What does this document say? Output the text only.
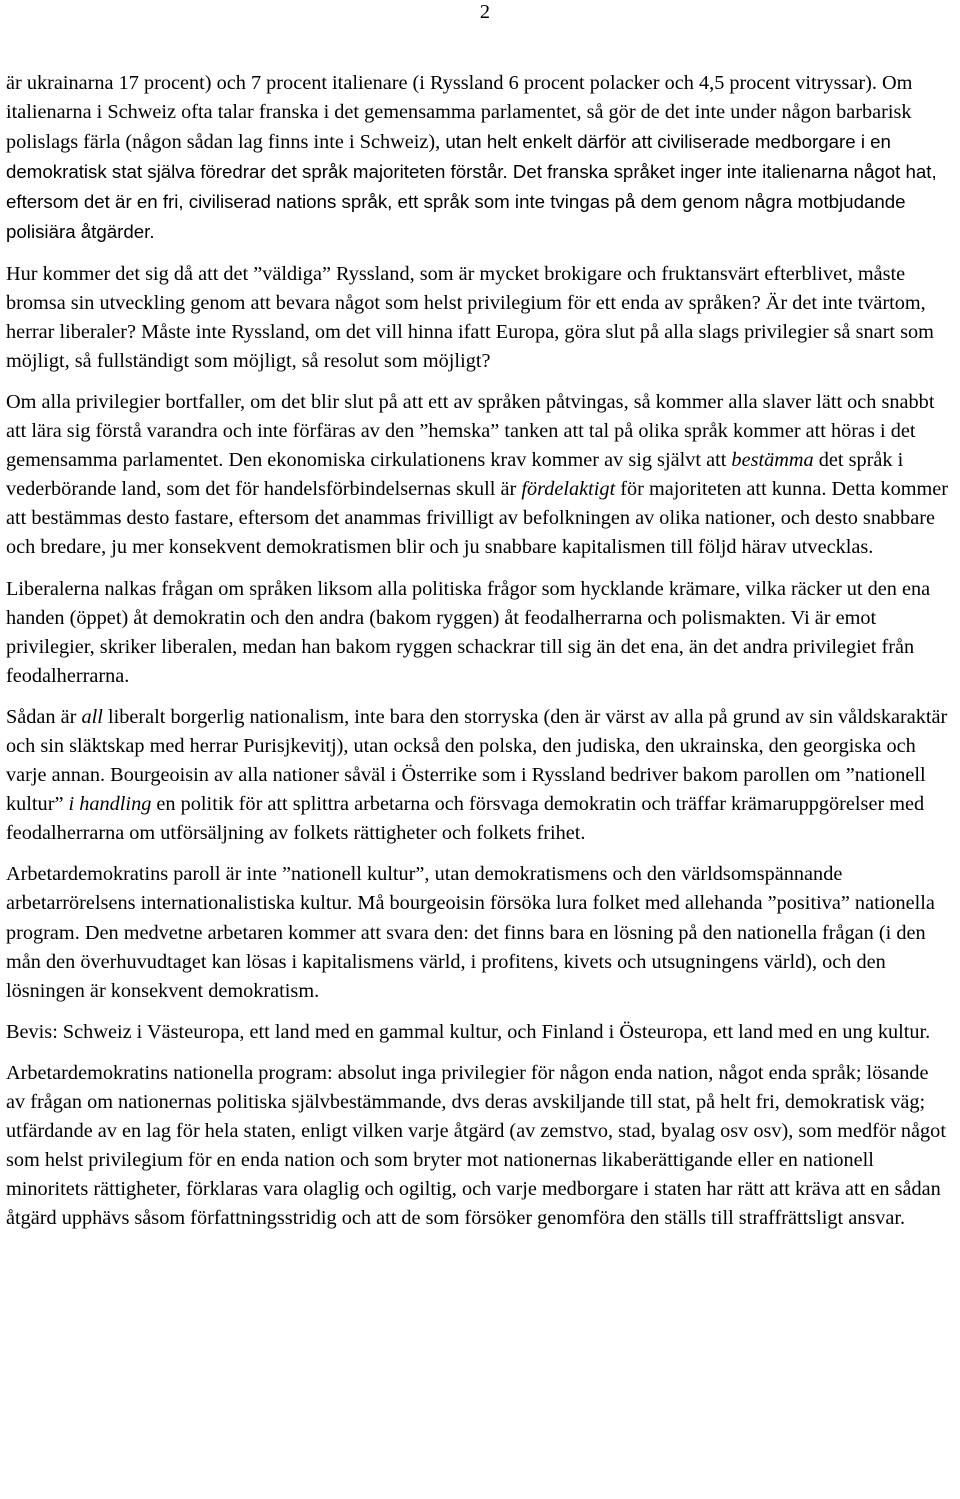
2

är ukrainarna 17 procent) och 7 procent italienare (i Ryssland 6 procent polacker och 4,5 procent vitryssar). Om italienarna i Schweiz ofta talar franska i det gemensamma parlamentet, så gör de det inte under någon barbarisk polislags färla (någon sådan lag finns inte i Schweiz), utan helt enkelt därför att civiliserade medborgare i en demokratisk stat själva föredrar det språk majoriteten förstår. Det franska språket inger inte italienarna något hat, eftersom det är en fri, civiliserad nations språk, ett språk som inte tvingas på dem genom några motbjudande polisiära åtgärder.

Hur kommer det sig då att det ”väldiga” Ryssland, som är mycket brokigare och fruktansvärt efterblivet, måste bromsa sin utveckling genom att bevara något som helst privilegium för ett enda av språken? Är det inte tvärtom, herrar liberaler? Måste inte Ryssland, om det vill hinna ifatt Europa, göra slut på alla slags privilegier så snart som möjligt, så fullständigt som möjligt, så resolut som möjligt?

Om alla privilegier bortfaller, om det blir slut på att ett av språken påtvingas, så kommer alla slaver lätt och snabbt att lära sig förstå varandra och inte förfäras av den ”hemska” tanken att tal på olika språk kommer att höras i det gemensamma parlamentet. Den ekonomiska cirkulationens krav kommer av sig självt att bestämma det språk i vederbörande land, som det för handelsförbindelsernas skull är fördelaktigt för majoriteten att kunna. Detta kommer att bestämmas desto fastare, eftersom det anammas frivilligt av befolkningen av olika nationer, och desto snabbare och bredare, ju mer konsekvent demokratismen blir och ju snabbare kapitalismen till följd härav utvecklas.

Liberalerna nalkas frågan om språken liksom alla politiska frågor som hycklande krämare, vilka räcker ut den ena handen (öppet) åt demokratin och den andra (bakom ryggen) åt feodalherrarna och polismakten. Vi är emot privilegier, skriker liberalen, medan han bakom ryggen schackrar till sig än det ena, än det andra privilegiet från feodalherrarna.

Sådan är all liberalt borgerlig nationalism, inte bara den storryska (den är värst av alla på grund av sin våldskaraktär och sin släktskap med herrar Purisjkevitj), utan också den polska, den judiska, den ukrainska, den georgiska och varje annan. Bourgeoisin av alla nationer såväl i Österrike som i Ryssland bedriver bakom parollen om ”nationell kultur” i handling en politik för att splittra arbetarna och försvaga demokratin och träffar krämaruppgörelser med feodalherrarna om utförsäljning av folkets rättigheter och folkets frihet.

Arbetardemokratins paroll är inte ”nationell kultur”, utan demokratismens och den världsomspännande arbetarrörelsens internationalistiska kultur. Må bourgeoisin försöka lura folket med allehanda ”positiva” nationella program. Den medvetne arbetaren kommer att svara den: det finns bara en lösning på den nationella frågan (i den mån den överhuvudtaget kan lösas i kapitalismens värld, i profitens, kivets och utsugningens värld), och den lösningen är konsekvent demokratism.

Bevis: Schweiz i Västeuropa, ett land med en gammal kultur, och Finland i Östeuropa, ett land med en ung kultur.

Arbetardemokratins nationella program: absolut inga privilegier för någon enda nation, något enda språk; lösande av frågan om nationernas politiska självbestämmande, dvs deras avskiljande till stat, på helt fri, demokratisk väg; utfärdande av en lag för hela staten, enligt vilken varje åtgärd (av zemstvo, stad, byalag osv osv), som medför något som helst privilegium för en enda nation och som bryter mot nationernas likaberättigande eller en nationell minoritets rättigheter, förklaras vara olaglig och ogiltig, och varje medborgare i staten har rätt att kräva att en sådan åtgärd upphävs såsom författningsstridig och att de som försöker genomföra den ställs till straffrättsligt ansvar.
